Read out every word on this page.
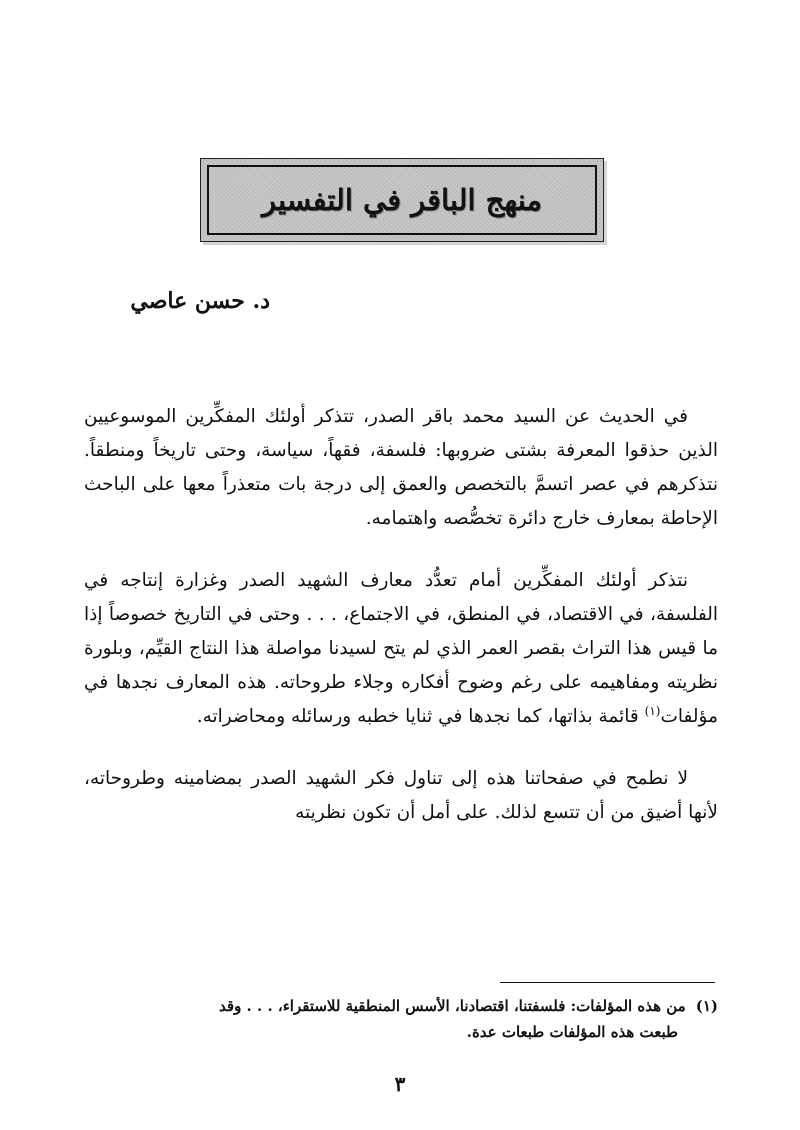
منهج الباقر في التفسير
د. حسن عاصي

في الحديث عن السيد محمد باقر الصدر، تتذكر أولئك المفكِّرين الموسوعيين الذين حذقوا المعرفة بشتى ضروبها: فلسفة، فقهاً، سياسة، وحتى تاريخاً ومنطقاً. نتذكرهم في عصر اتسمَّ بالتخصص والعمق إلى درجة بات متعذراً معها على الباحث الإحاطة بمعارف خارج دائرة تخصُّصه واهتمامه.

نتذكر أولئك المفكِّرين أمام تعدُّد معارف الشهيد الصدر وغزارة إنتاجه في الفلسفة، في الاقتصاد، في المنطق، في الاجتماع، . . . وحتى في التاريخ خصوصاً إذا ما قيس هذا التراث بقصر العمر الذي لم يتح لسيدنا مواصلة هذا النتاج القيِّم، وبلورة نظريته ومفاهيمه على رغم وضوح أفكاره وجلاء طروحاته. هذه المعارف نجدها في مؤلفات$^{(١)}$ قائمة بذاتها، كما نجدها في ثنايا خطبه ورسائله ومحاضراته.

لا نطمح في صفحاتنا هذه إلى تناول فكر الشهيد الصدر بمضامينه وطروحاته، لأنها أضيق من أن تتسع لذلك. على أمل أن تكون نظريته

(١)من هذه المؤلفات: فلسفتنا، اقتصادنا، الأسس المنطقية للاستقراء، . . . وقد
طبعت هذه المؤلفات طبعات عدة.
٣
